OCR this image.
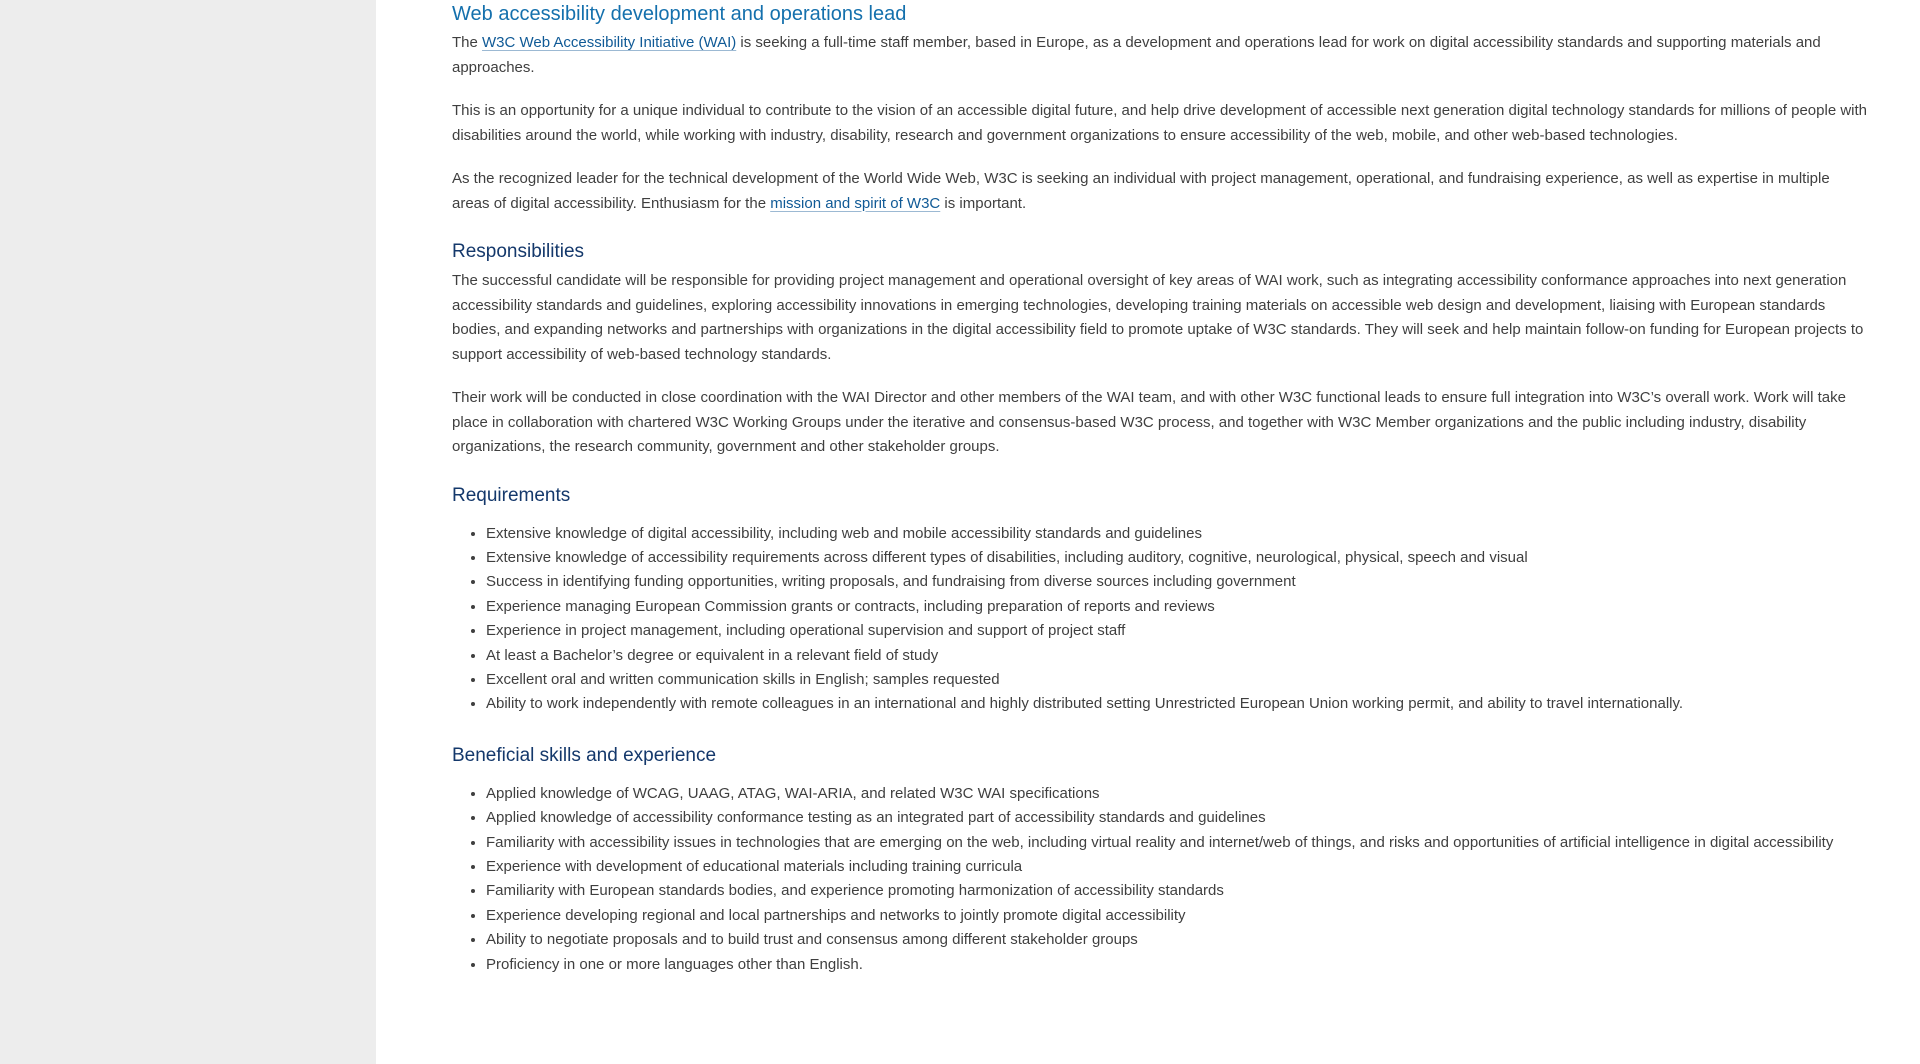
Web accessibility development and operations lead

The W3C Web Accessibility Initiative (WAI) is seeking a full-time staff member, based in Europe, as a development and operations lead for work on digital accessibility standards and supporting materials and approaches.

This is an opportunity for a unique individual to contribute to the vision of an accessible digital future, and help drive development of accessible next generation digital technology standards for millions of people with disabilities around the world, while working with industry, disability, research and government organizations to ensure accessibility of the web, mobile, and other web-based technologies.

As the recognized leader for the technical development of the World Wide Web, W3C is seeking an individual with project management, operational, and fundraising experience, as well as expertise in multiple areas of digital accessibility. Enthusiasm for the mission and spirit of W3C is important.

Responsibilities

The successful candidate will be responsible for providing project management and operational oversight of key areas of WAI work, such as integrating accessibility conformance approaches into next generation accessibility standards and guidelines, exploring accessibility innovations in emerging technologies, developing training materials on accessible web design and development, liaising with European standards bodies, and expanding networks and partnerships with organizations in the digital accessibility field to promote uptake of W3C standards. They will seek and help maintain follow-on funding for European projects to support accessibility of web-based technology standards.

Their work will be conducted in close coordination with the WAI Director and other members of the WAI team, and with other W3C functional leads to ensure full integration into W3C’s overall work. Work will take place in collaboration with chartered W3C Working Groups under the iterative and consensus-based W3C process, and together with W3C Member organizations and the public including industry, disability organizations, the research community, government and other stakeholder groups.

Requirements
• Extensive knowledge of digital accessibility, including web and mobile accessibility standards and guidelines
• Extensive knowledge of accessibility requirements across different types of disabilities, including auditory, cognitive, neurological, physical, speech and visual
• Success in identifying funding opportunities, writing proposals, and fundraising from diverse sources including government
• Experience managing European Commission grants or contracts, including preparation of reports and reviews
• Experience in project management, including operational supervision and support of project staff
• At least a Bachelor’s degree or equivalent in a relevant field of study
• Excellent oral and written communication skills in English; samples requested
• Ability to work independently with remote colleagues in an international and highly distributed setting Unrestricted European Union working permit, and ability to travel internationally.
Beneficial skills and experience
• Applied knowledge of WCAG, UAAG, ATAG, WAI-ARIA, and related W3C WAI specifications
• Applied knowledge of accessibility conformance testing as an integrated part of accessibility standards and guidelines
• Familiarity with accessibility issues in technologies that are emerging on the web, including virtual reality and internet/web of things, and risks and opportunities of artificial intelligence in digital accessibility
• Experience with development of educational materials including training curricula
• Familiarity with European standards bodies, and experience promoting harmonization of accessibility standards
• Experience developing regional and local partnerships and networks to jointly promote digital accessibility
• Ability to negotiate proposals and to build trust and consensus among different stakeholder groups
• Proficiency in one or more languages other than English.
